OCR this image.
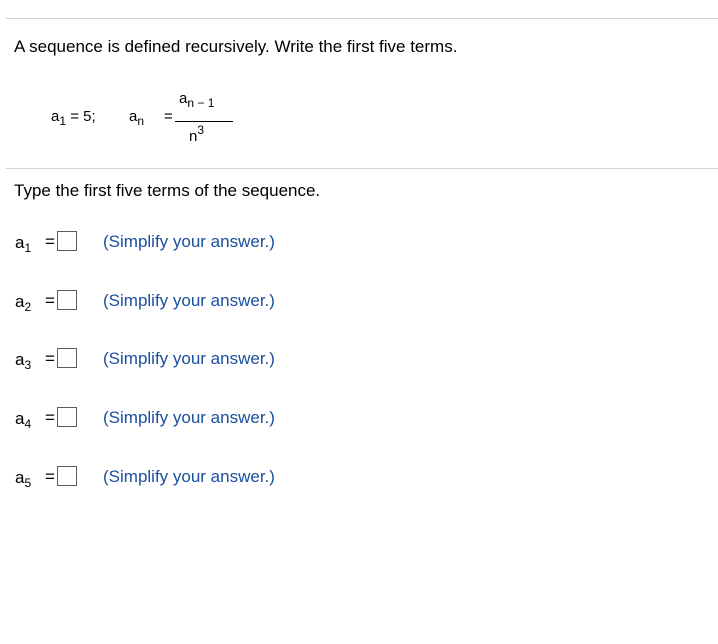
A sequence is defined recursively. Write the first five terms.
$a_1 = 5$; $a_n$ =
$a_{n - 1}$
$n^3$
Type the first five terms of the sequence.
$a_1$ =	(Simplify your answer.)
$a_2$ =	(Simplify your answer.)
$a_3$ =	(Simplify your answer.)
$a_4$ =	(Simplify your answer.)
$a_5$ =	(Simplify your answer.)
